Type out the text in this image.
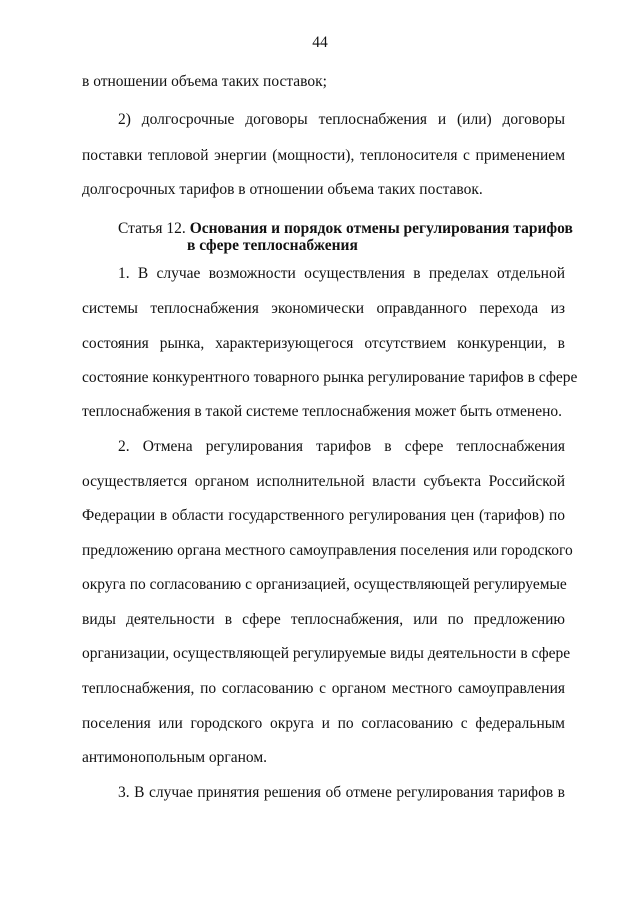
44
в отношении объема таких поставок;
2) долгосрочные договоры теплоснабжения и (или) договоры
поставки тепловой энергии (мощности), теплоносителя с применением
долгосрочных тарифов в отношении объема таких поставок.
Статья 12. Основания и порядок отмены регулирования тарифов
в сфере теплоснабжения
1. В случае возможности осуществления в пределах отдельной
системы теплоснабжения экономически оправданного перехода из
состояния рынка, характеризующегося отсутствием конкуренции, в
состояние конкурентного товарного рынка регулирование тарифов в сфере
теплоснабжения в такой системе теплоснабжения может быть отменено.
2. Отмена регулирования тарифов в сфере теплоснабжения
осуществляется органом исполнительной власти субъекта Российской
Федерации в области государственного регулирования цен (тарифов) по
предложению органа местного самоуправления поселения или городского
округа по согласованию с организацией, осуществляющей регулируемые
виды деятельности в сфере теплоснабжения, или по предложению
организации, осуществляющей регулируемые виды деятельности в сфере
теплоснабжения, по согласованию с органом местного самоуправления
поселения или городского округа и по согласованию с федеральным
антимонопольным органом.
3. В случае принятия решения об отмене регулирования тарифов в
